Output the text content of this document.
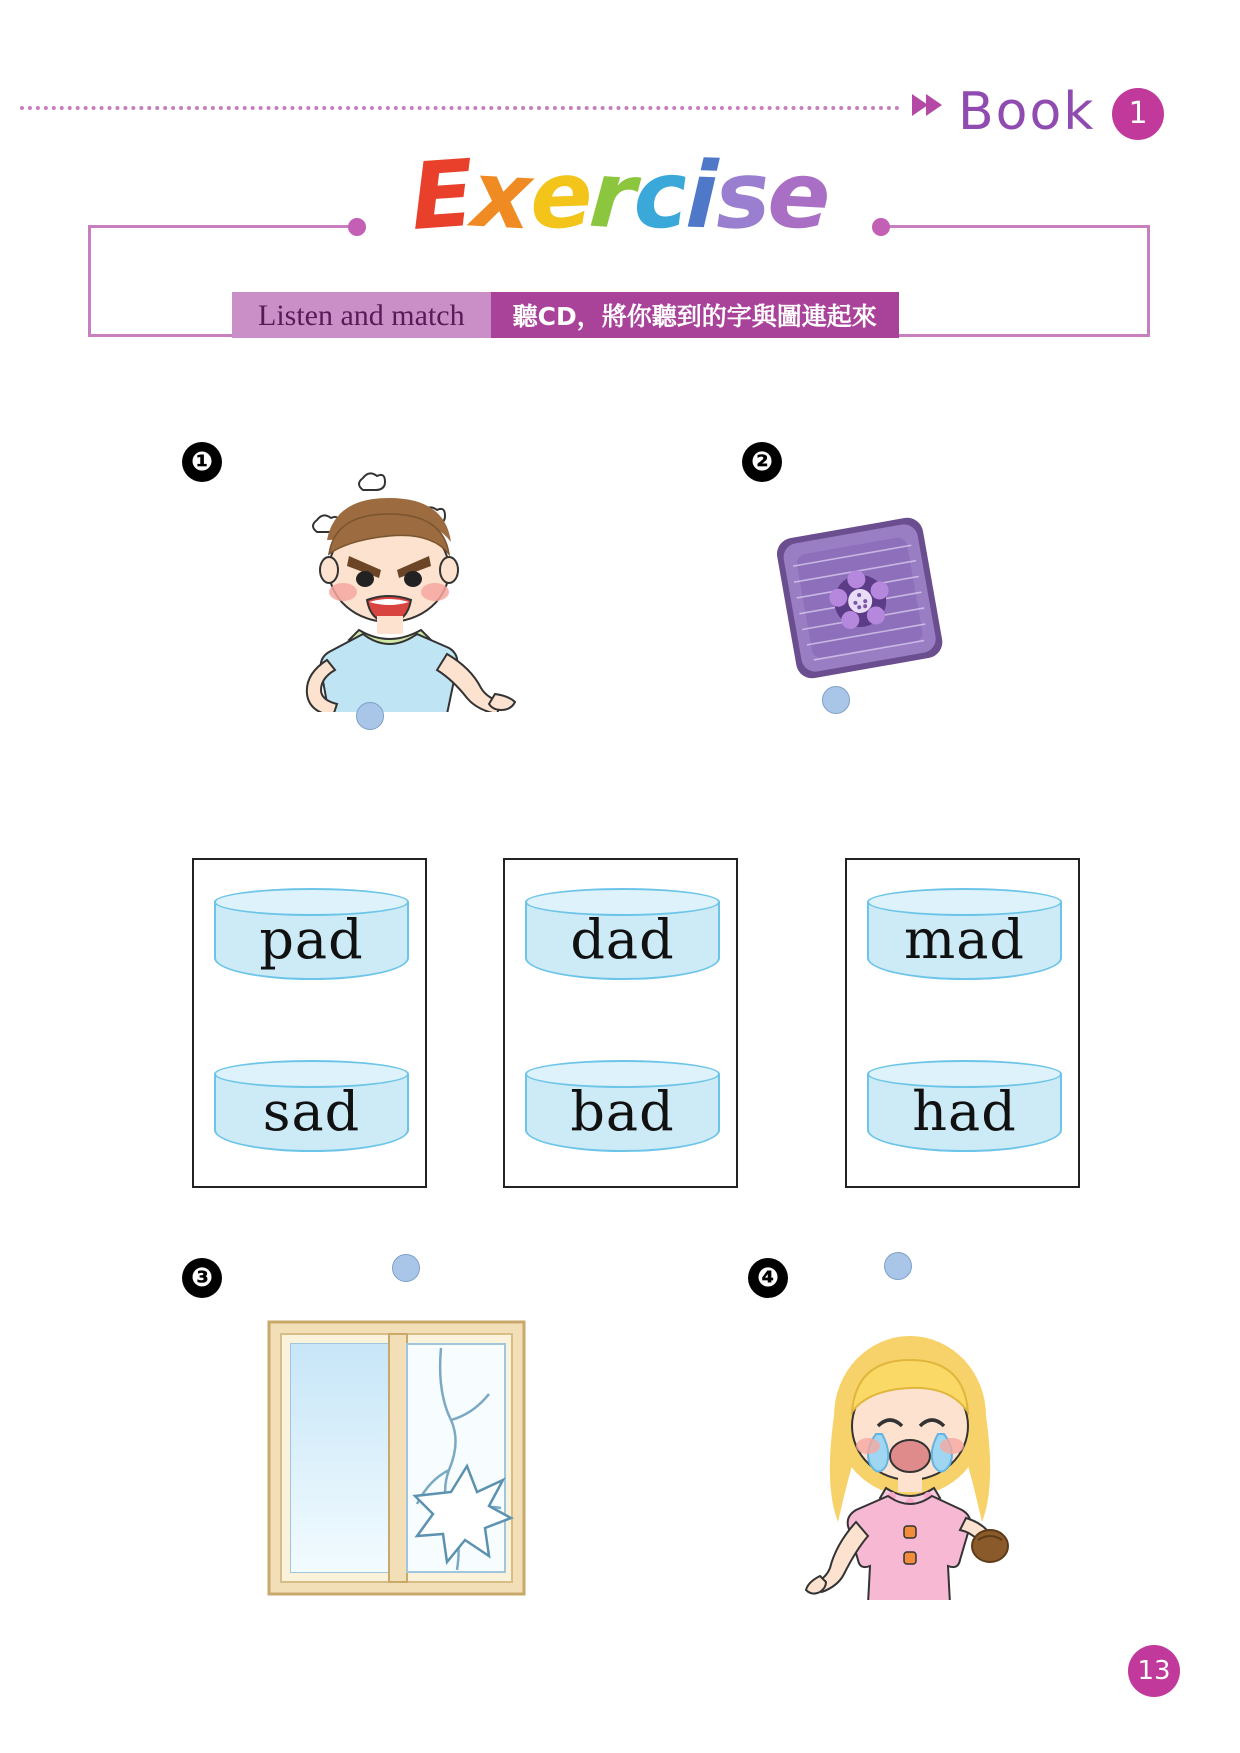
Book	1
Exercise
Listen and match	聽CD，將你聽到的字與圖連起來
❶	❷
pad
sad
dad
bad
mad
had
❸	❹
13
